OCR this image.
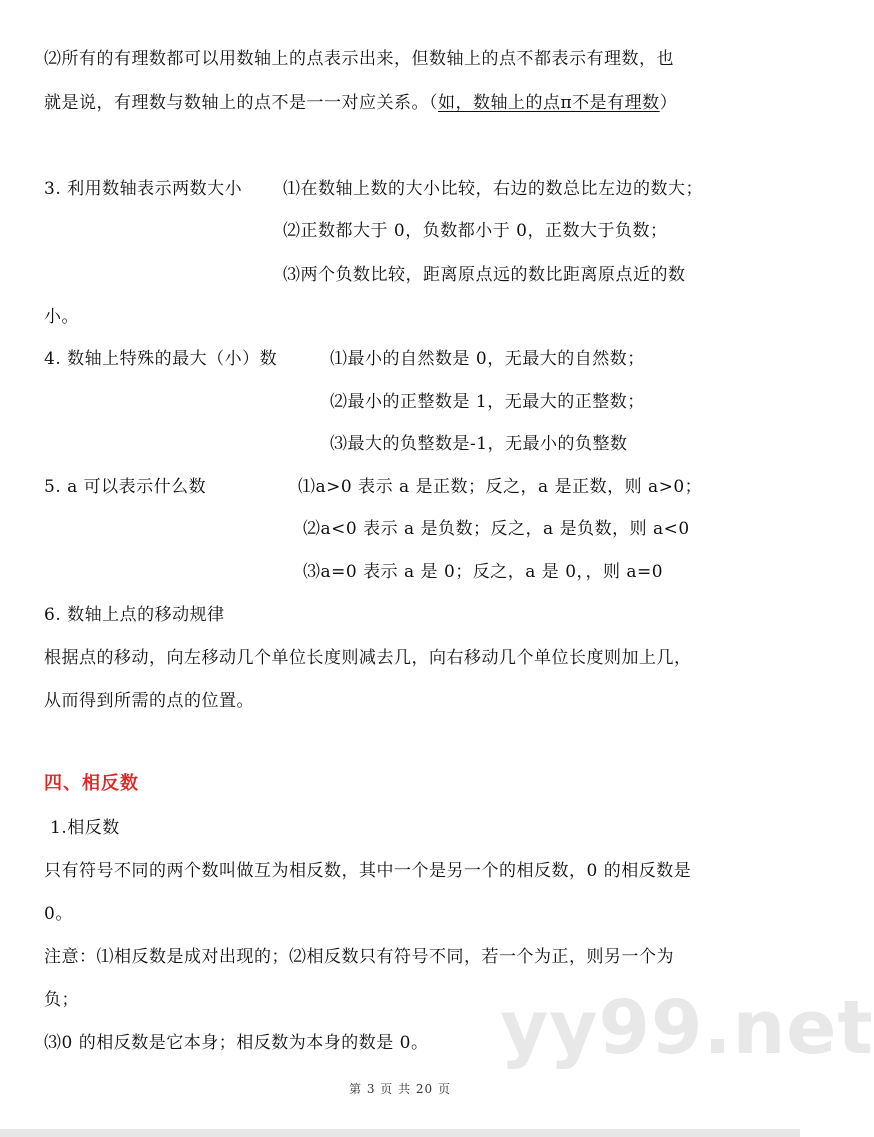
⑵所有的有理数都可以用数轴上的点表示出来，但数轴上的点不都表示有理数，也
就是说，有理数与数轴上的点不是一一对应关系。（如，数轴上的点π不是有理数）
3. 利用数轴表示两数大小 ⑴在数轴上数的大小比较，右边的数总比左边的数大；
⑵正数都大于 0，负数都小于 0，正数大于负数；
⑶两个负数比较，距离原点远的数比距离原点近的数
小。
4. 数轴上特殊的最大（小）数	⑴最小的自然数是 0，无最大的自然数；
⑵最小的正整数是 1，无最大的正整数；
⑶最大的负整数是-1，无最小的负整数
5. a 可以表示什么数	⑴a>0 表示 a 是正数；反之，a 是正数，则 a>0；
⑵a<0 表示 a 是负数；反之，a 是负数，则 a<0
⑶a=0 表示 a 是 0；反之，a 是 0，，则 a=0
6. 数轴上点的移动规律
根据点的移动，向左移动几个单位长度则减去几，向右移动几个单位长度则加上几，
从而得到所需的点的位置。
四、相反数
1.相反数
只有符号不同的两个数叫做互为相反数，其中一个是另一个的相反数，0 的相反数是
0。
注意：⑴相反数是成对出现的；⑵相反数只有符号不同，若一个为正，则另一个为
负；
⑶0 的相反数是它本身；相反数为本身的数是 0。 yy99.net
第 3 页 共 20 页
